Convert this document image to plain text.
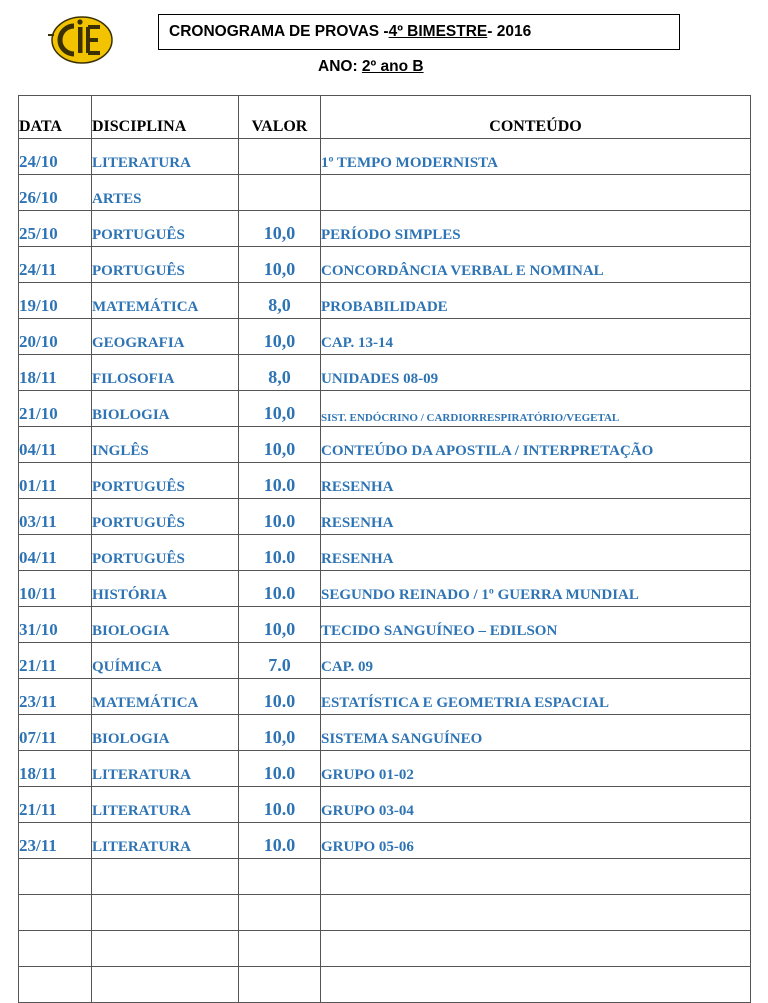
CRONOGRAMA DE PROVAS - 4º BIMESTRE - 2016
ANO: 2º ano B
DATA	DISCIPLINA	VALOR	CONTEÚDO
24/10	LITERATURA		1º TEMPO MODERNISTA
26/10	ARTES		
25/10	PORTUGUÊS	10,0	PERÍODO SIMPLES
24/11	PORTUGUÊS	10,0	CONCORDÂNCIA VERBAL E NOMINAL
19/10	MATEMÁTICA	8,0	PROBABILIDADE
20/10	GEOGRAFIA	10,0	CAP. 13-14
18/11	FILOSOFIA	8,0	UNIDADES 08-09
21/10	BIOLOGIA	10,0	SIST. ENDÓCRINO / CARDIORRESPIRATÓRIO/VEGETAL
04/11	INGLÊS	10,0	CONTEÚDO DA APOSTILA / INTERPRETAÇÃO
01/11	PORTUGUÊS	10.0	RESENHA
03/11	PORTUGUÊS	10.0	RESENHA
04/11	PORTUGUÊS	10.0	RESENHA
10/11	HISTÓRIA	10.0	SEGUNDO REINADO / 1º GUERRA MUNDIAL
31/10	BIOLOGIA	10,0	TECIDO SANGUÍNEO – EDILSON
21/11	QUÍMICA	7.0	CAP. 09
23/11	MATEMÁTICA	10.0	ESTATÍSTICA E GEOMETRIA ESPACIAL
07/11	BIOLOGIA	10,0	SISTEMA SANGUÍNEO
18/11	LITERATURA	10.0	GRUPO 01-02
21/11	LITERATURA	10.0	GRUPO 03-04
23/11	LITERATURA	10.0	GRUPO 05-06
